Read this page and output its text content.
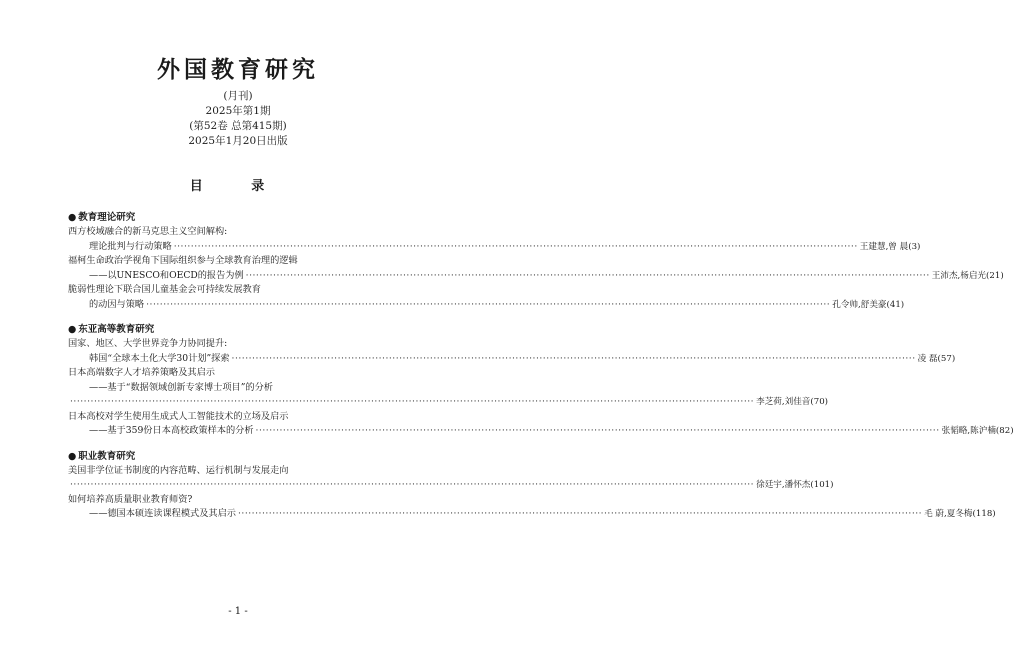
外国教育研究
(月刊)
2025年第1期
(第52卷 总第415期)
2025年1月20日出版
目 录
● 教育理论研究
西方校域融合的新马克思主义空间解构:
理论批判与行动策略 ········································································································································································································ 王建慧,曾 晨(3)
福柯生命政治学视角下国际组织参与全球教育治理的逻辑
——以UNESCO和OECD的报告为例 ········································································································································································································ 王沛杰,杨启光(21)
脆弱性理论下联合国儿童基金会可持续发展教育
的动因与策略 ········································································································································································································ 孔令帅,舒美豪(41)
● 东亚高等教育研究
国家、地区、大学世界竞争力协同提升:
韩国“全球本土化大学30计划”探索 ········································································································································································································ 凌 磊(57)
日本高端数字人才培养策略及其启示
——基于“数据领域创新专家博士项目”的分析
········································································································································································································ 李芝荷,刘佳音(70)
日本高校对学生使用生成式人工智能技术的立场及启示
——基于359份日本高校政策样本的分析 ········································································································································································································ 张韬略,陈沪楠(82)
● 职业教育研究
美国非学位证书制度的内容范畴、运行机制与发展走向
········································································································································································································ 徐廷宇,潘怀杰(101)
如何培养高质量职业教育师资?
——德国本硕连读课程模式及其启示 ········································································································································································································ 毛 蔚,夏冬梅(118)
- 1 -
